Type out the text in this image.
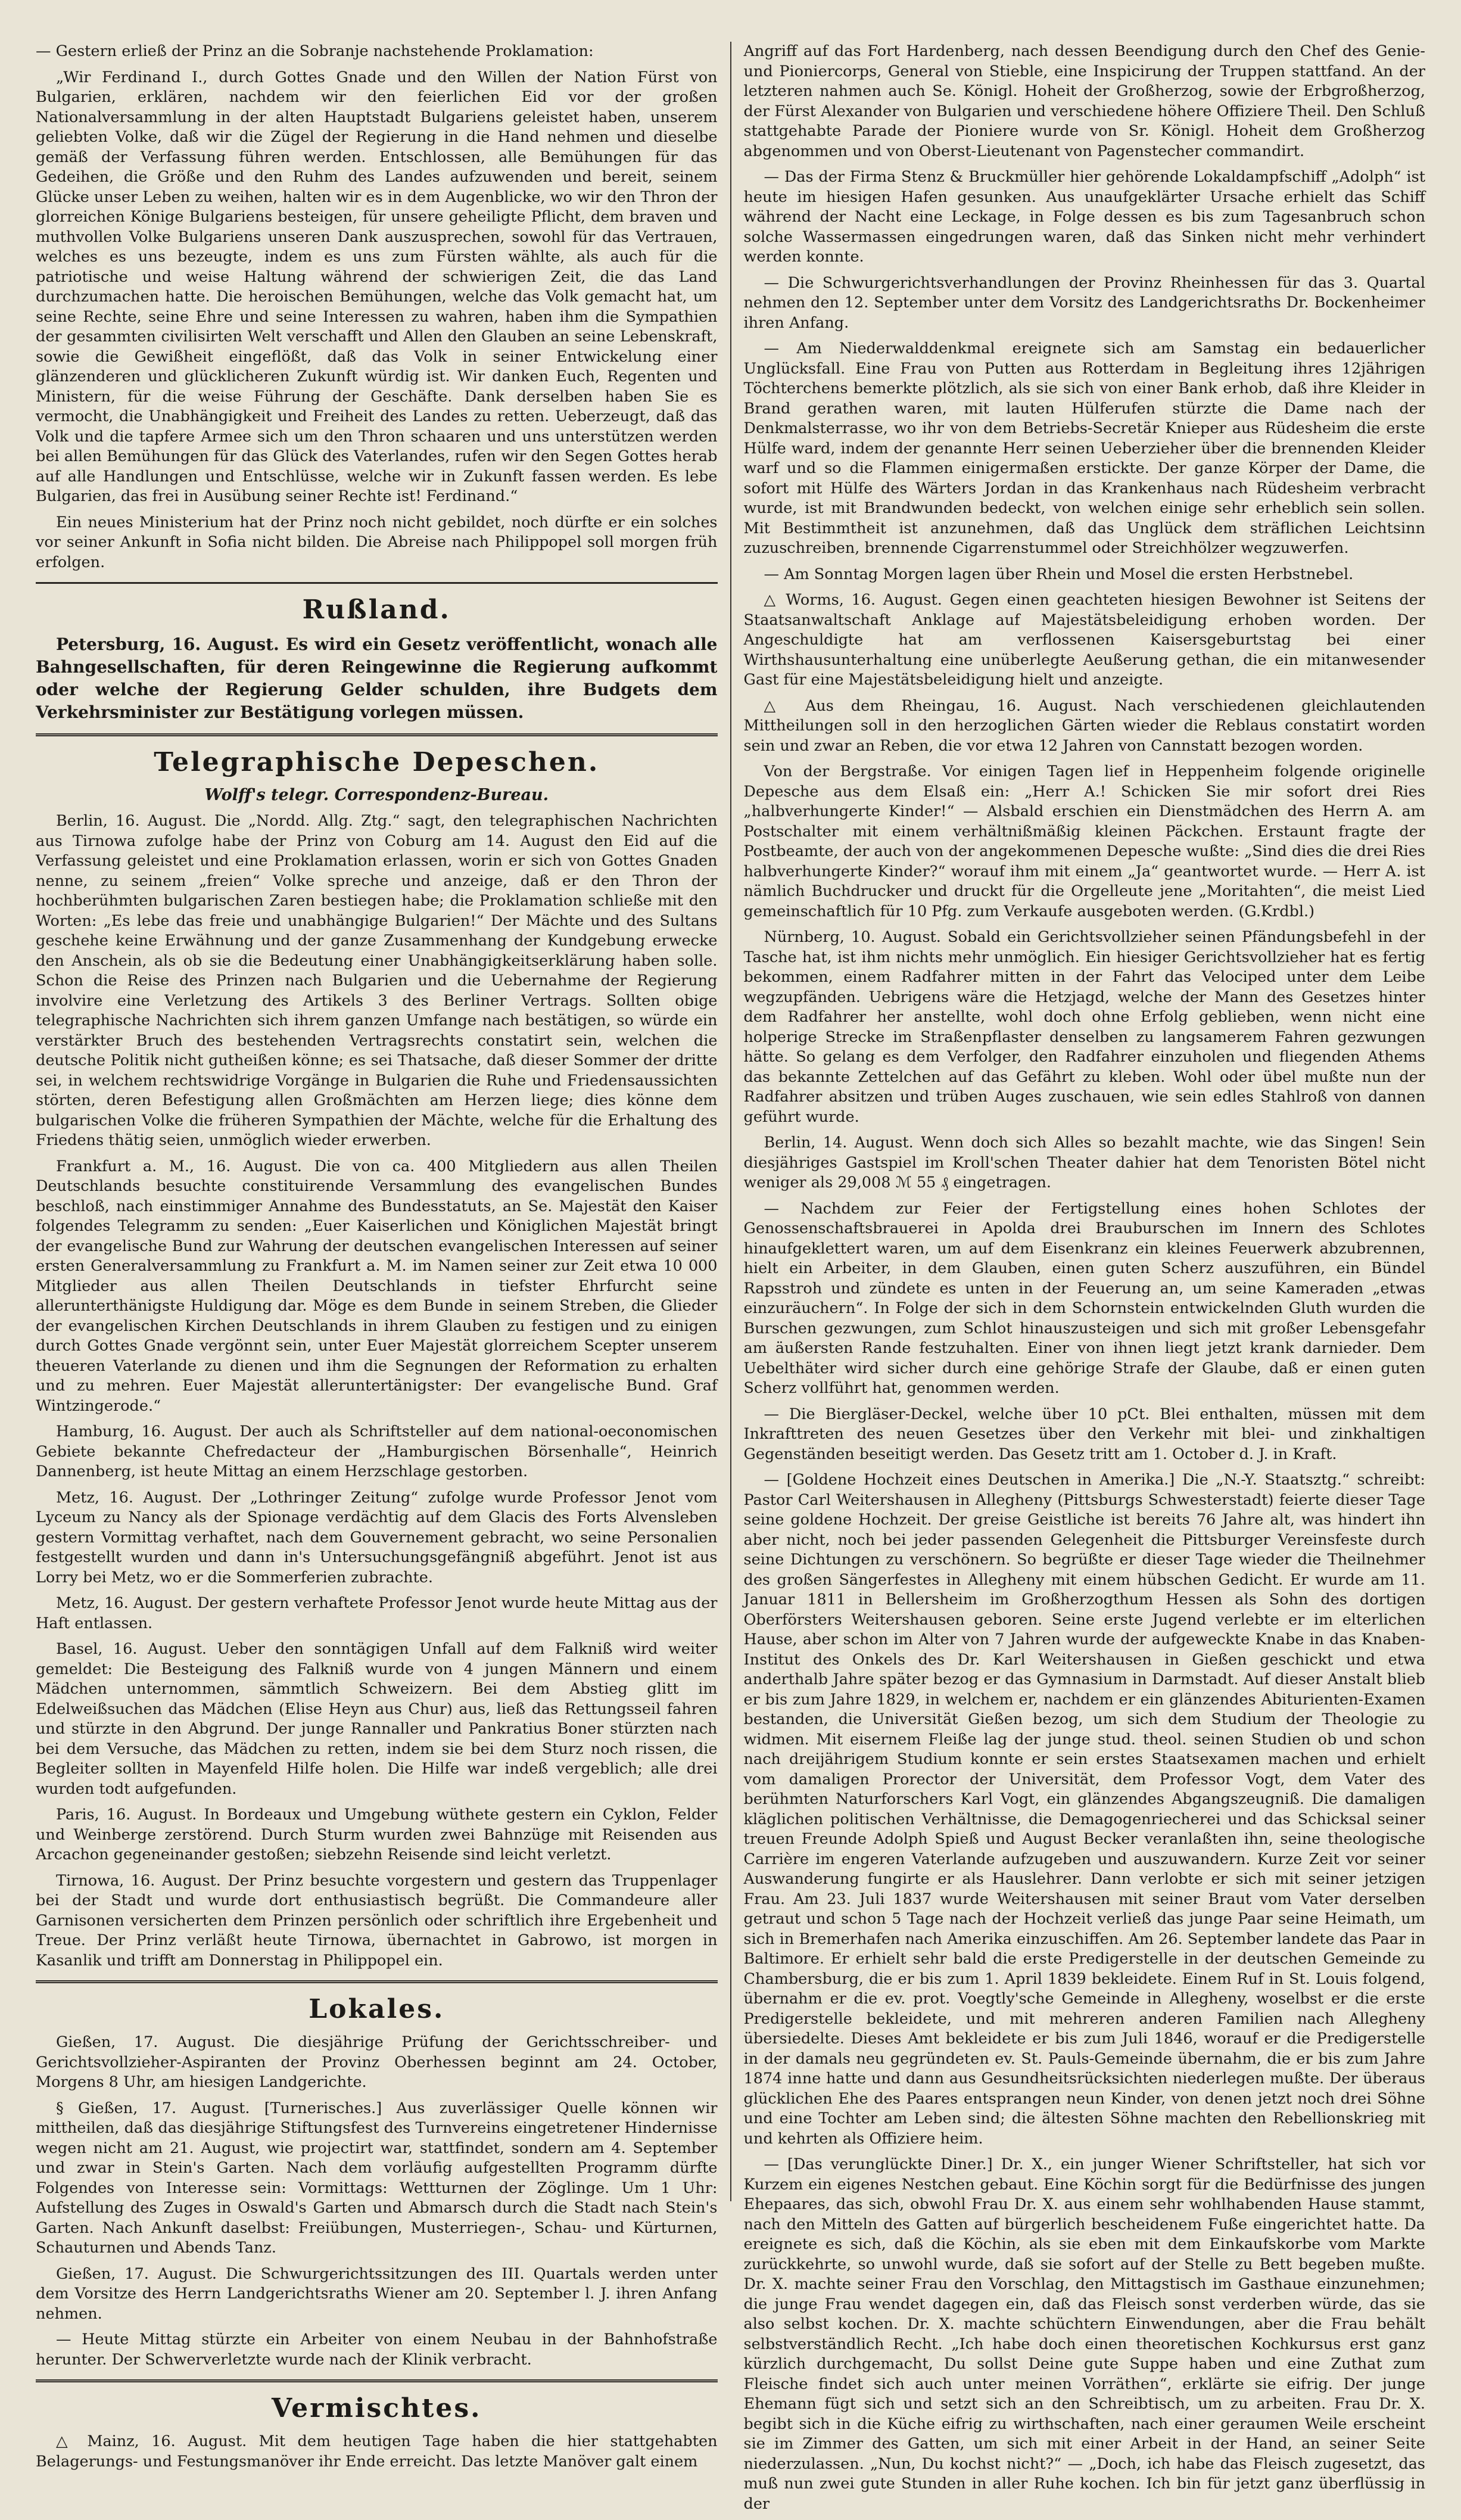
— Gestern erließ der Prinz an die Sobranje nachstehende Proklamation:

„Wir Ferdinand I., durch Gottes Gnade und den Willen der Nation Fürst von Bulgarien, erklären, nachdem wir den feierlichen Eid vor der großen Nationalversammlung in der alten Hauptstadt Bulgariens geleistet haben, unserem geliebten Volke, daß wir die Zügel der Regierung in die Hand nehmen und dieselbe gemäß der Verfassung führen werden. Entschlossen, alle Bemühungen für das Gedeihen, die Größe und den Ruhm des Landes aufzuwenden und bereit, seinem Glücke unser Leben zu weihen, halten wir es in dem Augenblicke, wo wir den Thron der glorreichen Könige Bulgariens besteigen, für unsere geheiligte Pflicht, dem braven und muthvollen Volke Bulgariens unseren Dank auszusprechen, sowohl für das Vertrauen, welches es uns bezeugte, indem es uns zum Fürsten wählte, als auch für die patriotische und weise Haltung während der schwierigen Zeit, die das Land durchzumachen hatte. Die heroischen Bemühungen, welche das Volk gemacht hat, um seine Rechte, seine Ehre und seine Interessen zu wahren, haben ihm die Sympathien der gesammten civilisirten Welt verschafft und Allen den Glauben an seine Lebenskraft, sowie die Gewißheit eingeflößt, daß das Volk in seiner Entwickelung einer glänzenderen und glücklicheren Zukunft würdig ist. Wir danken Euch, Regenten und Ministern, für die weise Führung der Geschäfte. Dank derselben haben Sie es vermocht, die Unabhängigkeit und Freiheit des Landes zu retten. Ueberzeugt, daß das Volk und die tapfere Armee sich um den Thron schaaren und uns unterstützen werden bei allen Bemühungen für das Glück des Vaterlandes, rufen wir den Segen Gottes herab auf alle Handlungen und Entschlüsse, welche wir in Zukunft fassen werden. Es lebe Bulgarien, das frei in Ausübung seiner Rechte ist! Ferdinand.“

Ein neues Ministerium hat der Prinz noch nicht gebildet, noch dürfte er ein solches vor seiner Ankunft in Sofia nicht bilden. Die Abreise nach Philippopel soll morgen früh erfolgen.

Rußland.

Petersburg, 16. August. Es wird ein Gesetz veröffentlicht, wonach alle Bahngesellschaften, für deren Reingewinne die Regierung aufkommt oder welche der Regierung Gelder schulden, ihre Budgets dem Verkehrsminister zur Bestätigung vorlegen müssen.

Telegraphische Depeschen.
Wolff's telegr. Correspondenz-Bureau.

Berlin, 16. August. Die „Nordd. Allg. Ztg.“ sagt, den telegraphischen Nachrichten aus Tirnowa zufolge habe der Prinz von Coburg am 14. August den Eid auf die Verfassung geleistet und eine Proklamation erlassen, worin er sich von Gottes Gnaden nenne, zu seinem „freien“ Volke spreche und anzeige, daß er den Thron der hochberühmten bulgarischen Zaren bestiegen habe; die Proklamation schließe mit den Worten: „Es lebe das freie und unabhängige Bulgarien!“ Der Mächte und des Sultans geschehe keine Erwähnung und der ganze Zusammenhang der Kundgebung erwecke den Anschein, als ob sie die Bedeutung einer Unabhängigkeitserklärung haben solle. Schon die Reise des Prinzen nach Bulgarien und die Uebernahme der Regierung involvire eine Verletzung des Artikels 3 des Berliner Vertrags. Sollten obige telegraphische Nachrichten sich ihrem ganzen Umfange nach bestätigen, so würde ein verstärkter Bruch des bestehenden Vertragsrechts constatirt sein, welchen die deutsche Politik nicht gutheißen könne; es sei Thatsache, daß dieser Sommer der dritte sei, in welchem rechtswidrige Vorgänge in Bulgarien die Ruhe und Friedensaussichten störten, deren Befestigung allen Großmächten am Herzen liege; dies könne dem bulgarischen Volke die früheren Sympathien der Mächte, welche für die Erhaltung des Friedens thätig seien, unmöglich wieder erwerben.

Frankfurt a. M., 16. August. Die von ca. 400 Mitgliedern aus allen Theilen Deutschlands besuchte constituirende Versammlung des evangelischen Bundes beschloß, nach einstimmiger Annahme des Bundesstatuts, an Se. Majestät den Kaiser folgendes Telegramm zu senden: „Euer Kaiserlichen und Königlichen Majestät bringt der evangelische Bund zur Wahrung der deutschen evangelischen Interessen auf seiner ersten Generalversammlung zu Frankfurt a. M. im Namen seiner zur Zeit etwa 10 000 Mitglieder aus allen Theilen Deutschlands in tiefster Ehrfurcht seine allerunterthänigste Huldigung dar. Möge es dem Bunde in seinem Streben, die Glieder der evangelischen Kirchen Deutschlands in ihrem Glauben zu festigen und zu einigen durch Gottes Gnade vergönnt sein, unter Euer Majestät glorreichem Scepter unserem theueren Vaterlande zu dienen und ihm die Segnungen der Reformation zu erhalten und zu mehren. Euer Majestät alleruntertänigster: Der evangelische Bund. Graf Wintzingerode.“

Hamburg, 16. August. Der auch als Schriftsteller auf dem national-oeconomischen Gebiete bekannte Chefredacteur der „Hamburgischen Börsenhalle“, Heinrich Dannenberg, ist heute Mittag an einem Herzschlage gestorben.

Metz, 16. August. Der „Lothringer Zeitung“ zufolge wurde Professor Jenot vom Lyceum zu Nancy als der Spionage verdächtig auf dem Glacis des Forts Alvensleben gestern Vormittag verhaftet, nach dem Gouvernement gebracht, wo seine Personalien festgestellt wurden und dann in's Untersuchungsgefängniß abgeführt. Jenot ist aus Lorry bei Metz, wo er die Sommerferien zubrachte.

Metz, 16. August. Der gestern verhaftete Professor Jenot wurde heute Mittag aus der Haft entlassen.

Basel, 16. August. Ueber den sonntägigen Unfall auf dem Falkniß wird weiter gemeldet: Die Besteigung des Falkniß wurde von 4 jungen Männern und einem Mädchen unternommen, sämmtlich Schweizern. Bei dem Abstieg glitt im Edelweißsuchen das Mädchen (Elise Heyn aus Chur) aus, ließ das Rettungsseil fahren und stürzte in den Abgrund. Der junge Rannaller und Pankratius Boner stürzten nach bei dem Versuche, das Mädchen zu retten, indem sie bei dem Sturz noch rissen, die Begleiter sollten in Mayenfeld Hilfe holen. Die Hilfe war indeß vergeblich; alle drei wurden todt aufgefunden.

Paris, 16. August. In Bordeaux und Umgebung wüthete gestern ein Cyklon, Felder und Weinberge zerstörend. Durch Sturm wurden zwei Bahnzüge mit Reisenden aus Arcachon gegeneinander gestoßen; siebzehn Reisende sind leicht verletzt.

Tirnowa, 16. August. Der Prinz besuchte vorgestern und gestern das Truppenlager bei der Stadt und wurde dort enthusiastisch begrüßt. Die Commandeure aller Garnisonen versicherten dem Prinzen persönlich oder schriftlich ihre Ergebenheit und Treue. Der Prinz verläßt heute Tirnowa, übernachtet in Gabrowo, ist morgen in Kasanlik und trifft am Donnerstag in Philippopel ein.

Lokales.

Gießen, 17. August. Die diesjährige Prüfung der Gerichtsschreiber- und Gerichtsvollzieher-Aspiranten der Provinz Oberhessen beginnt am 24. October, Morgens 8 Uhr, am hiesigen Landgerichte.

§ Gießen, 17. August. [Turnerisches.] Aus zuverlässiger Quelle können wir mittheilen, daß das diesjährige Stiftungsfest des Turnvereins eingetretener Hindernisse wegen nicht am 21. August, wie projectirt war, stattfindet, sondern am 4. September und zwar in Stein's Garten. Nach dem vorläufig aufgestellten Programm dürfte Folgendes von Interesse sein: Vormittags: Wettturnen der Zöglinge. Um 1 Uhr: Aufstellung des Zuges in Oswald's Garten und Abmarsch durch die Stadt nach Stein's Garten. Nach Ankunft daselbst: Freiübungen, Musterriegen-, Schau- und Kürturnen, Schauturnen und Abends Tanz.

Gießen, 17. August. Die Schwurgerichtssitzungen des III. Quartals werden unter dem Vorsitze des Herrn Landgerichtsraths Wiener am 20. September l. J. ihren Anfang nehmen.

— Heute Mittag stürzte ein Arbeiter von einem Neubau in der Bahnhofstraße herunter. Der Schwerverletzte wurde nach der Klinik verbracht.

Vermischtes.

△ Mainz, 16. August. Mit dem heutigen Tage haben die hier stattgehabten Belagerungs- und Festungsmanöver ihr Ende erreicht. Das letzte Manöver galt einem

Angriff auf das Fort Hardenberg, nach dessen Beendigung durch den Chef des Genie- und Pioniercorps, General von Stieble, eine Inspicirung der Truppen stattfand. An der letzteren nahmen auch Se. Königl. Hoheit der Großherzog, sowie der Erbgroßherzog, der Fürst Alexander von Bulgarien und verschiedene höhere Offiziere Theil. Den Schluß stattgehabte Parade der Pioniere wurde von Sr. Königl. Hoheit dem Großherzog abgenommen und von Oberst-Lieutenant von Pagenstecher commandirt.

— Das der Firma Stenz & Bruckmüller hier gehörende Lokaldampfschiff „Adolph“ ist heute im hiesigen Hafen gesunken. Aus unaufgeklärter Ursache erhielt das Schiff während der Nacht eine Leckage, in Folge dessen es bis zum Tagesanbruch schon solche Wassermassen eingedrungen waren, daß das Sinken nicht mehr verhindert werden konnte.

— Die Schwurgerichtsverhandlungen der Provinz Rheinhessen für das 3. Quartal nehmen den 12. September unter dem Vorsitz des Landgerichtsraths Dr. Bockenheimer ihren Anfang.

— Am Niederwalddenkmal ereignete sich am Samstag ein bedauerlicher Unglücksfall. Eine Frau von Putten aus Rotterdam in Begleitung ihres 12jährigen Töchterchens bemerkte plötzlich, als sie sich von einer Bank erhob, daß ihre Kleider in Brand gerathen waren, mit lauten Hülferufen stürzte die Dame nach der Denkmalsterrasse, wo ihr von dem Betriebs-Secretär Knieper aus Rüdesheim die erste Hülfe ward, indem der genannte Herr seinen Ueberzieher über die brennenden Kleider warf und so die Flammen einigermaßen erstickte. Der ganze Körper der Dame, die sofort mit Hülfe des Wärters Jordan in das Krankenhaus nach Rüdesheim verbracht wurde, ist mit Brandwunden bedeckt, von welchen einige sehr erheblich sein sollen. Mit Bestimmtheit ist anzunehmen, daß das Unglück dem sträflichen Leichtsinn zuzuschreiben, brennende Cigarrenstummel oder Streichhölzer wegzuwerfen.

— Am Sonntag Morgen lagen über Rhein und Mosel die ersten Herbstnebel.

△ Worms, 16. August. Gegen einen geachteten hiesigen Bewohner ist Seitens der Staatsanwaltschaft Anklage auf Majestätsbeleidigung erhoben worden. Der Angeschuldigte hat am verflossenen Kaisersgeburtstag bei einer Wirthshausunterhaltung eine unüberlegte Aeußerung gethan, die ein mitanwesender Gast für eine Majestätsbeleidigung hielt und anzeigte.

△ Aus dem Rheingau, 16. August. Nach verschiedenen gleichlautenden Mittheilungen soll in den herzoglichen Gärten wieder die Reblaus constatirt worden sein und zwar an Reben, die vor etwa 12 Jahren von Cannstatt bezogen worden.

Von der Bergstraße. Vor einigen Tagen lief in Heppenheim folgende originelle Depesche aus dem Elsaß ein: „Herr A.! Schicken Sie mir sofort drei Ries „halbverhungerte Kinder!“ — Alsbald erschien ein Dienstmädchen des Herrn A. am Postschalter mit einem verhältnißmäßig kleinen Päckchen. Erstaunt fragte der Postbeamte, der auch von der angekommenen Depesche wußte: „Sind dies die drei Ries halbverhungerte Kinder?“ worauf ihm mit einem „Ja“ geantwortet wurde. — Herr A. ist nämlich Buchdrucker und druckt für die Orgelleute jene „Moritahten“, die meist Lied gemeinschaftlich für 10 Pfg. zum Verkaufe ausgeboten werden. (G.Krdbl.)

Nürnberg, 10. August. Sobald ein Gerichtsvollzieher seinen Pfändungsbefehl in der Tasche hat, ist ihm nichts mehr unmöglich. Ein hiesiger Gerichtsvollzieher hat es fertig bekommen, einem Radfahrer mitten in der Fahrt das Velociped unter dem Leibe wegzupfänden. Uebrigens wäre die Hetzjagd, welche der Mann des Gesetzes hinter dem Radfahrer her anstellte, wohl doch ohne Erfolg geblieben, wenn nicht eine holperige Strecke im Straßenpflaster denselben zu langsamerem Fahren gezwungen hätte. So gelang es dem Verfolger, den Radfahrer einzuholen und fliegenden Athems das bekannte Zettelchen auf das Gefährt zu kleben. Wohl oder übel mußte nun der Radfahrer absitzen und trüben Auges zuschauen, wie sein edles Stahlroß von dannen geführt wurde.

Berlin, 14. August. Wenn doch sich Alles so bezahlt machte, wie das Singen! Sein diesjähriges Gastspiel im Kroll'schen Theater dahier hat dem Tenoristen Bötel nicht weniger als 29,008 ℳ 55 ₰ eingetragen.

— Nachdem zur Feier der Fertigstellung eines hohen Schlotes der Genossenschaftsbrauerei in Apolda drei Brauburschen im Innern des Schlotes hinaufgeklettert waren, um auf dem Eisenkranz ein kleines Feuerwerk abzubrennen, hielt ein Arbeiter, in dem Glauben, einen guten Scherz auszuführen, ein Bündel Rapsstroh und zündete es unten in der Feuerung an, um seine Kameraden „etwas einzuräuchern“. In Folge der sich in dem Schornstein entwickelnden Gluth wurden die Burschen gezwungen, zum Schlot hinauszusteigen und sich mit großer Lebensgefahr am äußersten Rande festzuhalten. Einer von ihnen liegt jetzt krank darnieder. Dem Uebelthäter wird sicher durch eine gehörige Strafe der Glaube, daß er einen guten Scherz vollführt hat, genommen werden.

— Die Biergläser-Deckel, welche über 10 pCt. Blei enthalten, müssen mit dem Inkrafttreten des neuen Gesetzes über den Verkehr mit blei- und zinkhaltigen Gegenständen beseitigt werden. Das Gesetz tritt am 1. October d. J. in Kraft.

— [Goldene Hochzeit eines Deutschen in Amerika.] Die „N.-Y. Staatsztg.“ schreibt: Pastor Carl Weitershausen in Allegheny (Pittsburgs Schwesterstadt) feierte dieser Tage seine goldene Hochzeit. Der greise Geistliche ist bereits 76 Jahre alt, was hindert ihn aber nicht, noch bei jeder passenden Gelegenheit die Pittsburger Vereinsfeste durch seine Dichtungen zu verschönern. So begrüßte er dieser Tage wieder die Theilnehmer des großen Sängerfestes in Allegheny mit einem hübschen Gedicht. Er wurde am 11. Januar 1811 in Bellersheim im Großherzogthum Hessen als Sohn des dortigen Oberförsters Weitershausen geboren. Seine erste Jugend verlebte er im elterlichen Hause, aber schon im Alter von 7 Jahren wurde der aufgeweckte Knabe in das Knaben-Institut des Onkels des Dr. Karl Weitershausen in Gießen geschickt und etwa anderthalb Jahre später bezog er das Gymnasium in Darmstadt. Auf dieser Anstalt blieb er bis zum Jahre 1829, in welchem er, nachdem er ein glänzendes Abiturienten-Examen bestanden, die Universität Gießen bezog, um sich dem Studium der Theologie zu widmen. Mit eisernem Fleiße lag der junge stud. theol. seinen Studien ob und schon nach dreijährigem Studium konnte er sein erstes Staatsexamen machen und erhielt vom damaligen Prorector der Universität, dem Professor Vogt, dem Vater des berühmten Naturforschers Karl Vogt, ein glänzendes Abgangszeugniß. Die damaligen kläglichen politischen Verhältnisse, die Demagogenriecherei und das Schicksal seiner treuen Freunde Adolph Spieß und August Becker veranlaßten ihn, seine theologische Carrière im engeren Vaterlande aufzugeben und auszuwandern. Kurze Zeit vor seiner Auswanderung fungirte er als Hauslehrer. Dann verlobte er sich mit seiner jetzigen Frau. Am 23. Juli 1837 wurde Weitershausen mit seiner Braut vom Vater derselben getraut und schon 5 Tage nach der Hochzeit verließ das junge Paar seine Heimath, um sich in Bremerhafen nach Amerika einzuschiffen. Am 26. September landete das Paar in Baltimore. Er erhielt sehr bald die erste Predigerstelle in der deutschen Gemeinde zu Chambersburg, die er bis zum 1. April 1839 bekleidete. Einem Ruf in St. Louis folgend, übernahm er die ev. prot. Voegtly'sche Gemeinde in Allegheny, woselbst er die erste Predigerstelle bekleidete, und mit mehreren anderen Familien nach Allegheny übersiedelte. Dieses Amt bekleidete er bis zum Juli 1846, worauf er die Predigerstelle in der damals neu gegründeten ev. St. Pauls-Gemeinde übernahm, die er bis zum Jahre 1874 inne hatte und dann aus Gesundheitsrücksichten niederlegen mußte. Der überaus glücklichen Ehe des Paares entsprangen neun Kinder, von denen jetzt noch drei Söhne und eine Tochter am Leben sind; die ältesten Söhne machten den Rebellionskrieg mit und kehrten als Offiziere heim.

— [Das verunglückte Diner.] Dr. X., ein junger Wiener Schriftsteller, hat sich vor Kurzem ein eigenes Nestchen gebaut. Eine Köchin sorgt für die Bedürfnisse des jungen Ehepaares, das sich, obwohl Frau Dr. X. aus einem sehr wohlhabenden Hause stammt, nach den Mitteln des Gatten auf bürgerlich bescheidenem Fuße eingerichtet hatte. Da ereignete es sich, daß die Köchin, als sie eben mit dem Einkaufskorbe vom Markte zurückkehrte, so unwohl wurde, daß sie sofort auf der Stelle zu Bett begeben mußte. Dr. X. machte seiner Frau den Vorschlag, den Mittagstisch im Gasthaue einzunehmen; die junge Frau wendet dagegen ein, daß das Fleisch sonst verderben würde, das sie also selbst kochen. Dr. X. machte schüchtern Einwendungen, aber die Frau behält selbstverständlich Recht. „Ich habe doch einen theoretischen Kochkursus erst ganz kürzlich durchgemacht, Du sollst Deine gute Suppe haben und eine Zuthat zum Fleische findet sich auch unter meinen Vorräthen“, erklärte sie eifrig. Der junge Ehemann fügt sich und setzt sich an den Schreibtisch, um zu arbeiten. Frau Dr. X. begibt sich in die Küche eifrig zu wirthschaften, nach einer geraumen Weile erscheint sie im Zimmer des Gatten, um sich mit einer Arbeit in der Hand, an seiner Seite niederzulassen. „Nun, Du kochst nicht?“ — „Doch, ich habe das Fleisch zugesetzt, das muß nun zwei gute Stunden in aller Ruhe kochen. Ich bin für jetzt ganz überflüssig in der
